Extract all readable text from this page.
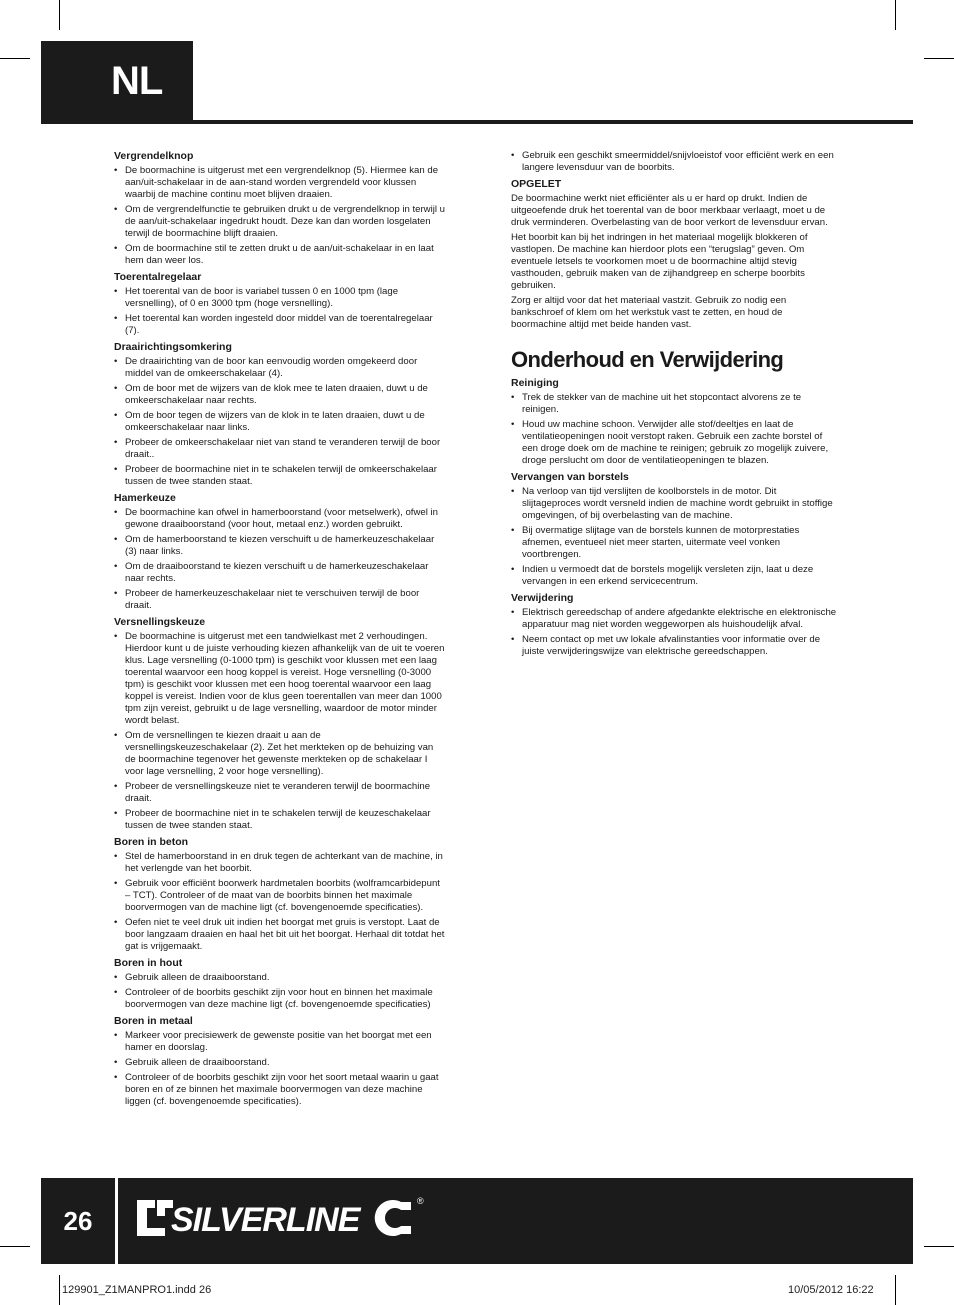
NL
Vergrendelknop
• De boormachine is uitgerust met een vergrendelknop (5). Hiermee kan de aan/uit-schakelaar in de aan-stand worden vergrendeld voor klussen waarbij de machine continu moet blijven draaien.
• Om de vergrendelfunctie te gebruiken drukt u de vergrendelknop in terwijl u de aan/uit-schakelaar ingedrukt houdt. Deze kan dan worden losgelaten terwijl de boormachine blijft draaien.
• Om de boormachine stil te zetten drukt u de aan/uit-schakelaar in en laat hem dan weer los.
Toerentalregelaar
• Het toerental van de boor is variabel tussen 0 en 1000 tpm (lage versnelling), of 0 en 3000 tpm (hoge versnelling).
• Het toerental kan worden ingesteld door middel van de toerentalregelaar (7).
Draairichtingsomkering
• De draairichting van de boor kan eenvoudig worden omgekeerd door middel van de omkeerschakelaar (4).
• Om de boor met de wijzers van de klok mee te laten draaien, duwt u de omkeerschakelaar naar rechts.
• Om de boor tegen de wijzers van de klok in te laten draaien, duwt u de omkeerschakelaar naar links.
• Probeer de omkeerschakelaar niet van stand te veranderen terwijl de boor draait..
• Probeer de boormachine niet in te schakelen terwijl de omkeerschakelaar tussen de twee standen staat.
Hamerkeuze
• De boormachine kan ofwel in hamerboorstand (voor metselwerk), ofwel in gewone draaiboorstand (voor hout, metaal enz.) worden gebruikt.
• Om de hamerboorstand te kiezen verschuift u de hamerkeuzeschakelaar (3) naar links.
• Om de draaiboorstand te kiezen verschuift u de hamerkeuzeschakelaar naar rechts.
• Probeer de hamerkeuzeschakelaar niet te verschuiven terwijl de boor draait.
Versnellingskeuze
• De boormachine is uitgerust met een tandwielkast met 2 verhoudingen. Hierdoor kunt u de juiste verhouding kiezen afhankelijk van de uit te voeren klus. Lage versnelling (0-1000 tpm) is geschikt voor klussen met een laag toerental waarvoor een hoog koppel is vereist. Hoge versnelling (0-3000 tpm) is geschikt voor klussen met een hoog toerental waarvoor een laag koppel is vereist. Indien voor de klus geen toerentallen van meer dan 1000 tpm zijn vereist, gebruikt u de lage versnelling, waardoor de motor minder wordt belast.
• Om de versnellingen te kiezen draait u aan de versnellingskeuzeschakelaar (2). Zet het merkteken op de behuizing van de boormachine tegenover het gewenste merkteken op de schakelaar I voor lage versnelling, 2 voor hoge versnelling).
• Probeer de versnellingskeuze niet te veranderen terwijl de boormachine draait.
• Probeer de boormachine niet in te schakelen terwijl de keuzeschakelaar tussen de twee standen staat.
Boren in beton
• Stel de hamerboorstand in en druk tegen de achterkant van de machine, in het verlengde van het boorbit.
• Gebruik voor efficiënt boorwerk hardmetalen boorbits (wolframcarbidepunt – TCT). Controleer of de maat van de boorbits binnen het maximale boorvermogen van de machine ligt (cf. bovengenoemde specificaties).
• Oefen niet te veel druk uit indien het boorgat met gruis is verstopt. Laat de boor langzaam draaien en haal het bit uit het boorgat. Herhaal dit totdat het gat is vrijgemaakt.
Boren in hout
• Gebruik alleen de draaiboorstand.
• Controleer of de boorbits geschikt zijn voor hout en binnen het maximale boorvermogen van deze machine ligt (cf. bovengenoemde specificaties)
Boren in metaal
• Markeer voor precisiewerk de gewenste positie van het boorgat met een hamer en doorslag.
• Gebruik alleen de draaiboorstand.
• Controleer of de boorbits geschikt zijn voor het soort metaal waarin u gaat boren en of ze binnen het maximale boorvermogen van deze machine liggen (cf. bovengenoemde specificaties).
• Gebruik een geschikt smeermiddel/snijvloeistof voor efficiënt werk en een langere levensduur van de boorbits.
OPGELET

De boormachine werkt niet efficiënter als u er hard op drukt. Indien de uitgeoefende druk het toerental van de boor merkbaar verlaagt, moet u de druk verminderen. Overbelasting van de boor verkort de levensduur ervan.

Het boorbit kan bij het indringen in het materiaal mogelijk blokkeren of vastlopen. De machine kan hierdoor plots een “terugslag” geven. Om eventuele letsels te voorkomen moet u de boormachine altijd stevig vasthouden, gebruik maken van de zijhandgreep en scherpe boorbits gebruiken.

Zorg er altijd voor dat het materiaal vastzit. Gebruik zo nodig een bankschroef of klem om het werkstuk vast te zetten, en houd de boormachine altijd met beide handen vast.

Onderhoud en Verwijdering
Reiniging
• Trek de stekker van de machine uit het stopcontact alvorens ze te reinigen.
• Houd uw machine schoon. Verwijder alle stof/deeltjes en laat de ventilatieopeningen nooit verstopt raken. Gebruik een zachte borstel of een droge doek om de machine te reinigen; gebruik zo mogelijk zuivere, droge perslucht om door de ventilatieopeningen te blazen.
Vervangen van borstels
• Na verloop van tijd verslijten de koolborstels in de motor. Dit slijtageproces wordt versneld indien de machine wordt gebruikt in stoffige omgevingen, of bij overbelasting van de machine.
• Bij overmatige slijtage van de borstels kunnen de motorprestaties afnemen, eventueel niet meer starten, uitermate veel vonken voortbrengen.
• Indien u vermoedt dat de borstels mogelijk versleten zijn, laat u deze vervangen in een erkend servicecentrum.
Verwijdering
• Elektrisch gereedschap of andere afgedankte elektrische en elektronische apparatuur mag niet worden weggeworpen als huishoudelijk afval.
• Neem contact op met uw lokale afvalinstanties voor informatie over de juiste verwijderingswijze van elektrische gereedschappen.
26	SILVERLINE	®
129901_Z1MANPRO1.indd 26	10/05/2012 16:22
